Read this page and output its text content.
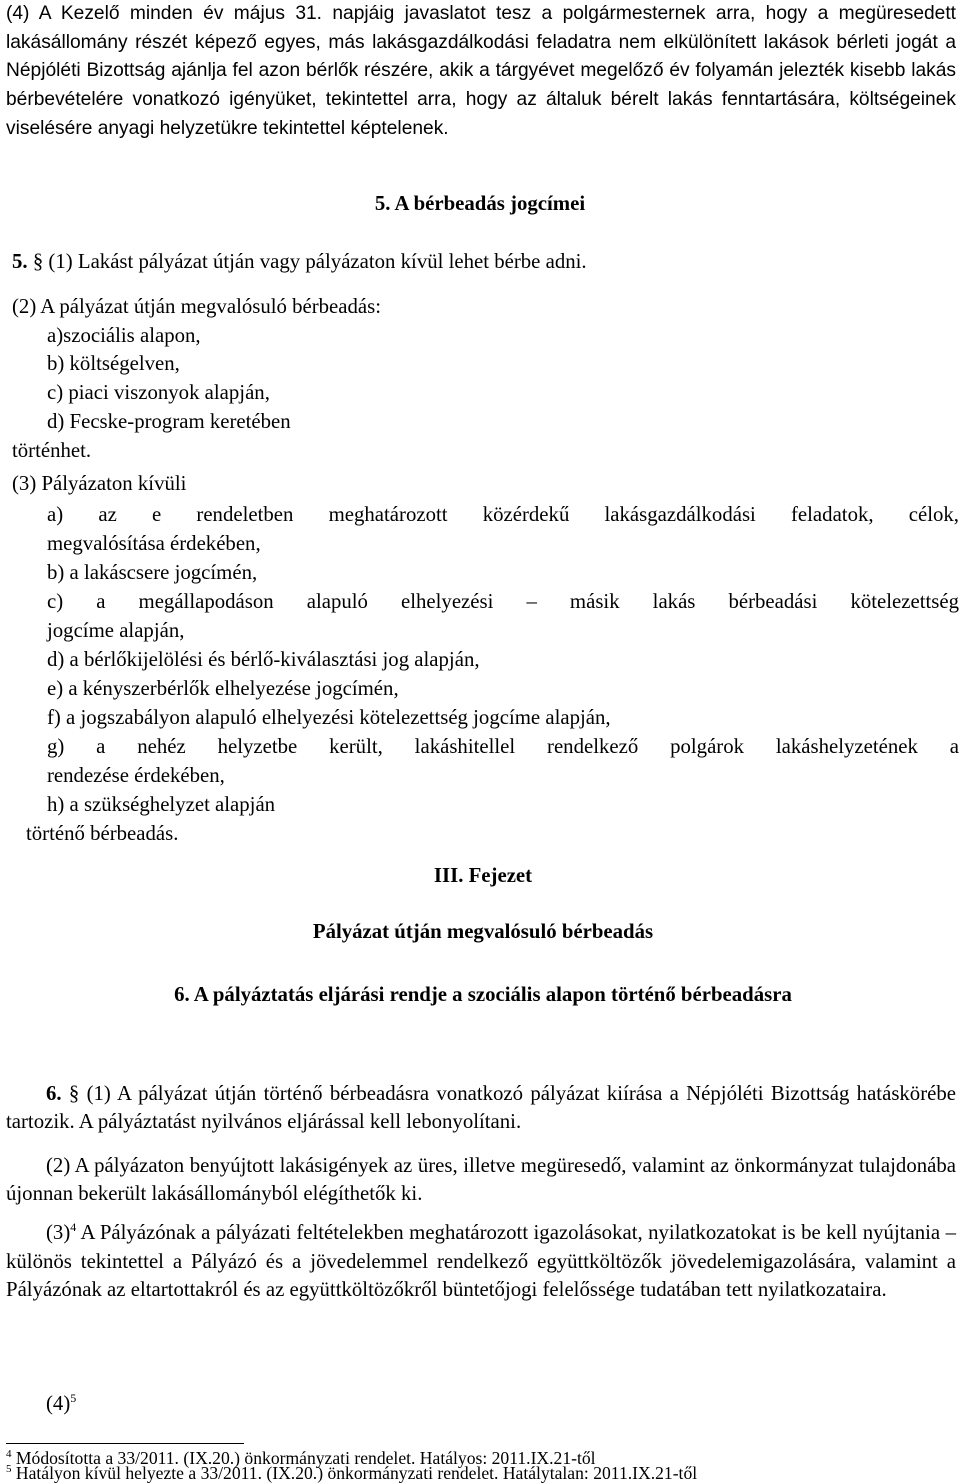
(4) A Kezelő minden év május 31. napjáig javaslatot tesz a polgármesternek arra, hogy a megüresedett lakásállomány részét képező egyes, más lakásgazdálkodási feladatra nem elkülönített lakások bérleti jogát a Népjóléti Bizottság ajánlja fel azon bérlők részére, akik a tárgyévet megelőző év folyamán jelezték kisebb lakás bérbevételére vonatkozó igényüket, tekintettel arra, hogy az általuk bérelt lakás fenntartására, költségeinek viselésére anyagi helyzetükre tekintettel képtelenek.
5. A bérbeadás jogcímei
5. § (1) Lakást pályázat útján vagy pályázaton kívül lehet bérbe adni.
(2) A pályázat útján megvalósuló bérbeadás:
a)szociális alapon,
b) költségelven,
c) piaci viszonyok alapján,
d) Fecske-program keretében
történhet.
(3) Pályázaton kívüli
a) az e rendeletben meghatározott közérdekű lakásgazdálkodási feladatok, célok,
megvalósítása érdekében,
b) a lakáscsere jogcímén,
c) a megállapodáson alapuló elhelyezési – másik lakás bérbeadási kötelezettség
jogcíme alapján,
d) a bérlőkijelölési és bérlő-kiválasztási jog alapján,
e) a kényszerbérlők elhelyezése jogcímén,
f) a jogszabályon alapuló elhelyezési kötelezettség jogcíme alapján,
g) a nehéz helyzetbe került, lakáshitellel rendelkező polgárok lakáshelyzetének a
rendezése érdekében,
h) a szükséghelyzet alapján
történő bérbeadás.
III. Fejezet
Pályázat útján megvalósuló bérbeadás
6. A pályáztatás eljárási rendje a szociális alapon történő bérbeadásra
6. § (1) A pályázat útján történő bérbeadásra vonatkozó pályázat kiírása a Népjóléti Bizottság hatáskörébe tartozik. A pályáztatást nyilvános eljárással kell lebonyolítani.
(2) A pályázaton benyújtott lakásigények az üres, illetve megüresedő, valamint az önkormányzat tulajdonába újonnan bekerült lakásállományból elégíthetők ki.
$(3)^4$ A Pályázónak a pályázati feltételekben meghatározott igazolásokat, nyilatkozatokat is be kell nyújtania – különös tekintettel a Pályázó és a jövedelemmel rendelkező együttköltözők jövedelemigazolására, valamint a Pályázónak az eltartottakról és az együttköltözőkről büntetőjogi felelőssége tudatában tett nyilatkozataira.
$(4)^5$
$^4$ Módosította a 33/2011. (IX.20.) önkormányzati rendelet. Hatályos: 2011.IX.21-től
$^5$ Hatályon kívül helyezte a 33/2011. (IX.20.) önkormányzati rendelet. Hatálytalan: 2011.IX.21-től
